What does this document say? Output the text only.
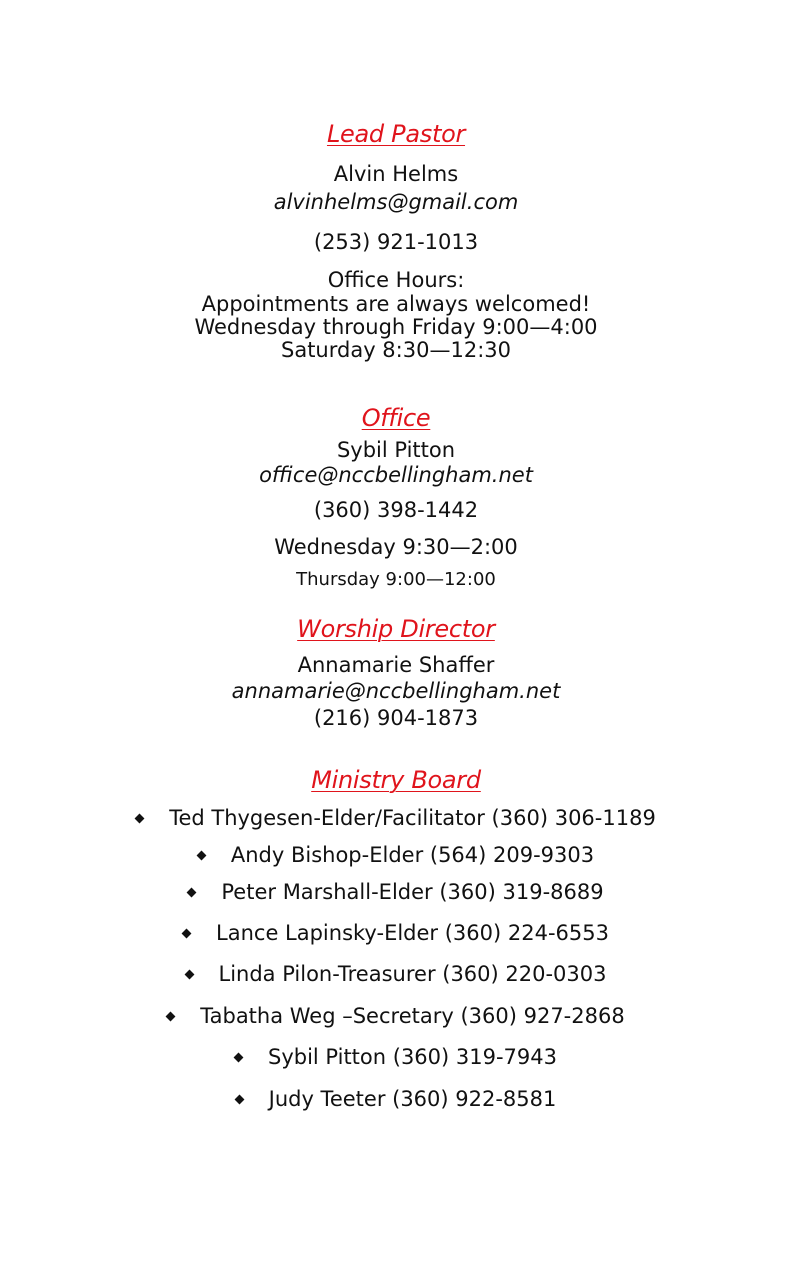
Lead Pastor
Alvin Helms
alvinhelms@gmail.com
(253) 921-1013
Office Hours:
Appointments are always welcomed!
Wednesday through Friday 9:00—4:00
Saturday 8:30—12:30
Office
Sybil Pitton
office@nccbellingham.net
(360) 398-1442
Wednesday 9:30—2:00
Thursday 9:00—12:00
Worship Director
Annamarie Shaffer
annamarie@nccbellingham.net
(216) 904-1873
Ministry Board
Ted Thygesen-Elder/Facilitator (360) 306-1189
Andy Bishop-Elder (564) 209-9303
Peter Marshall-Elder (360) 319-8689
Lance Lapinsky-Elder (360) 224-6553
Linda Pilon-Treasurer (360) 220-0303
Tabatha Weg –Secretary (360) 927-2868
Sybil Pitton (360) 319-7943
Judy Teeter (360) 922-8581
